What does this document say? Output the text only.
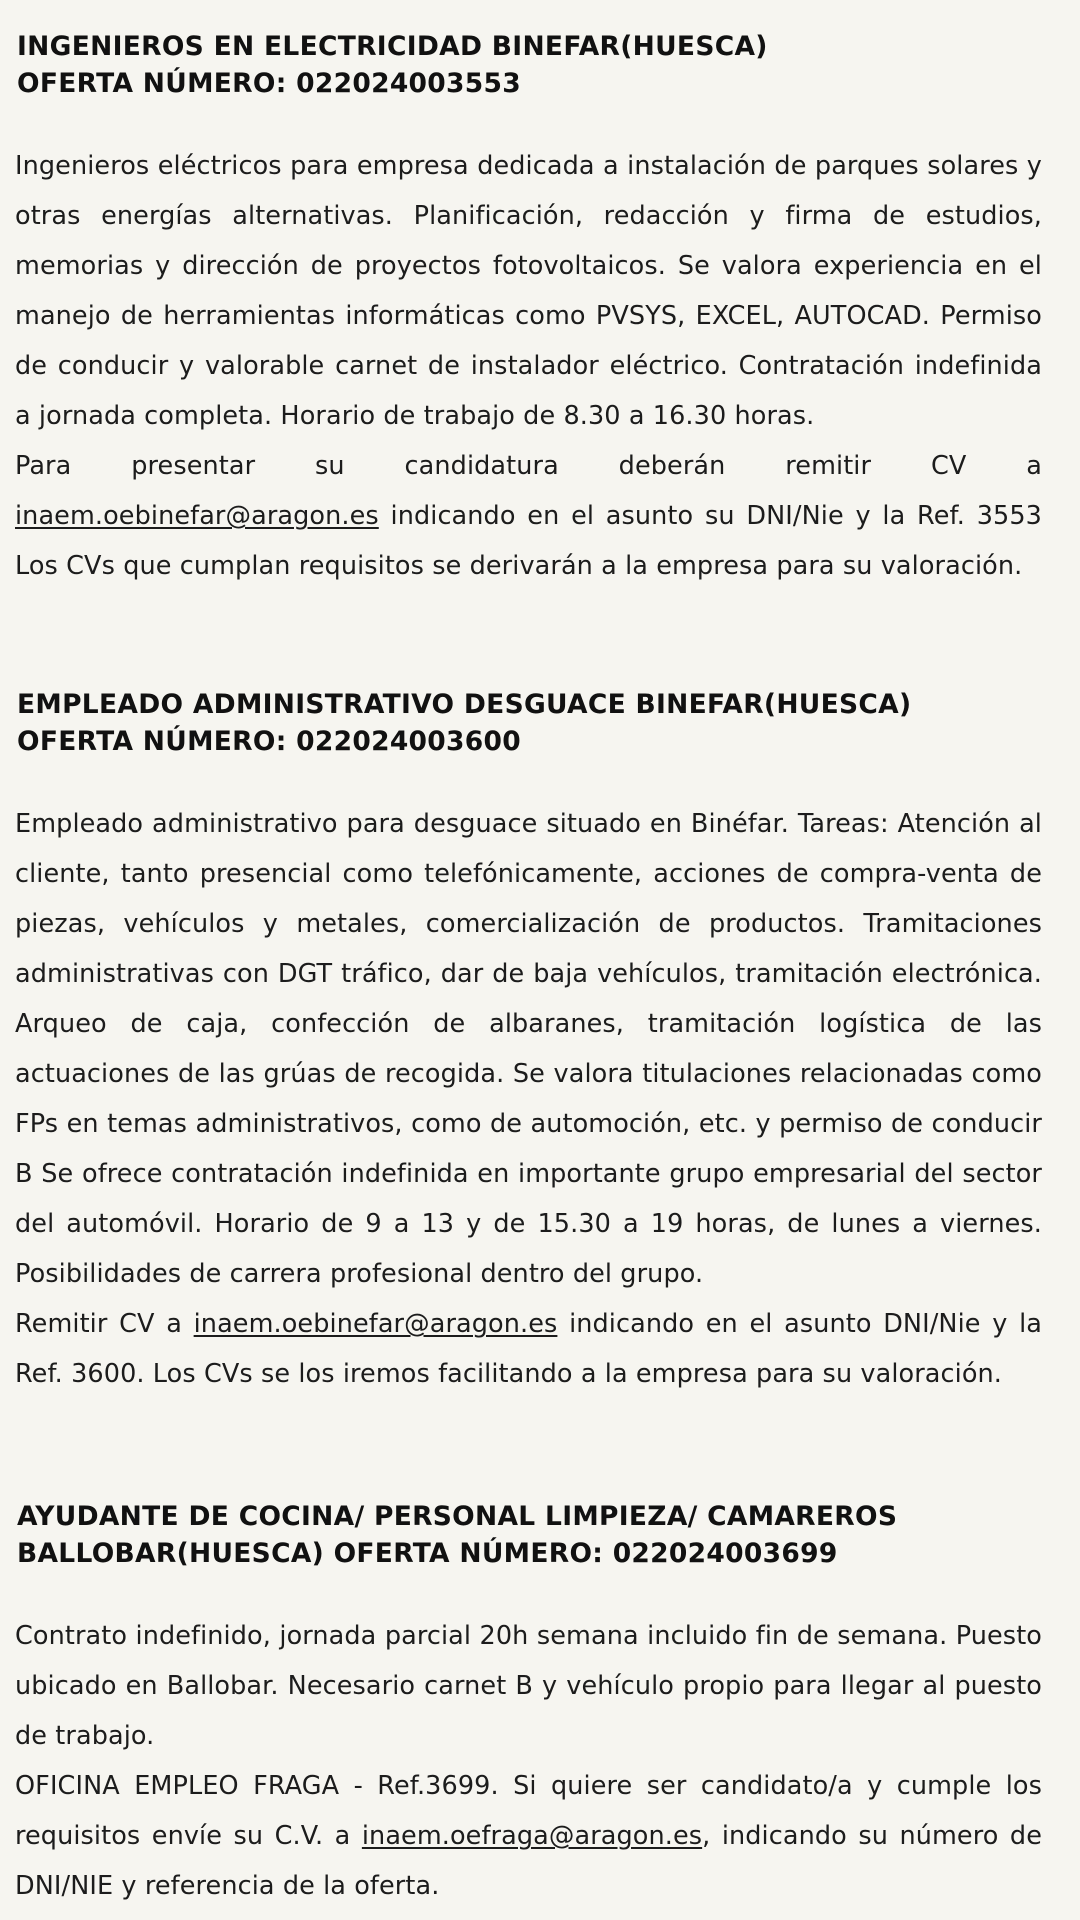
INGENIEROS EN ELECTRICIDAD BINEFAR(HUESCA)
OFERTA NÚMERO: 022024003553

Ingenieros eléctricos para empresa dedicada a instalación de parques solares y otras energías alternativas. Planificación, redacción y firma de estudios, memorias y dirección de proyectos fotovoltaicos. Se valora experiencia en el manejo de herramientas informáticas como PVSYS, EXCEL, AUTOCAD. Permiso de conducir y valorable carnet de instalador eléctrico. Contratación indefinida a jornada completa. Horario de trabajo de 8.30 a 16.30 horas.

Para presentar su candidatura deberán remitir CV a inaem.oebinefar@aragon.es indicando en el asunto su DNI/Nie y la Ref. 3553 Los CVs que cumplan requisitos se derivarán a la empresa para su valoración.

EMPLEADO ADMINISTRATIVO DESGUACE BINEFAR(HUESCA)
OFERTA NÚMERO: 022024003600

Empleado administrativo para desguace situado en Binéfar. Tareas: Atención al cliente, tanto presencial como telefónicamente, acciones de compra-venta de piezas, vehículos y metales, comercialización de productos. Tramitaciones administrativas con DGT tráfico, dar de baja vehículos, tramitación electrónica. Arqueo de caja, confección de albaranes, tramitación logística de las actuaciones de las grúas de recogida. Se valora titulaciones relacionadas como FPs en temas administrativos, como de automoción, etc. y permiso de conducir B Se ofrece contratación indefinida en importante grupo empresarial del sector del automóvil. Horario de 9 a 13 y de 15.30 a 19 horas, de lunes a viernes. Posibilidades de carrera profesional dentro del grupo.

Remitir CV a inaem.oebinefar@aragon.es indicando en el asunto DNI/Nie y la Ref. 3600. Los CVs se los iremos facilitando a la empresa para su valoración.

AYUDANTE DE COCINA/ PERSONAL LIMPIEZA/ CAMAREROS
BALLOBAR(HUESCA) OFERTA NÚMERO: 022024003699

Contrato indefinido, jornada parcial 20h semana incluido fin de semana. Puesto ubicado en Ballobar. Necesario carnet B y vehículo propio para llegar al puesto de trabajo.

OFICINA EMPLEO FRAGA - Ref.3699. Si quiere ser candidato/a y cumple los requisitos envíe su C.V. a inaem.oefraga@aragon.es, indicando su número de DNI/NIE y referencia de la oferta.
